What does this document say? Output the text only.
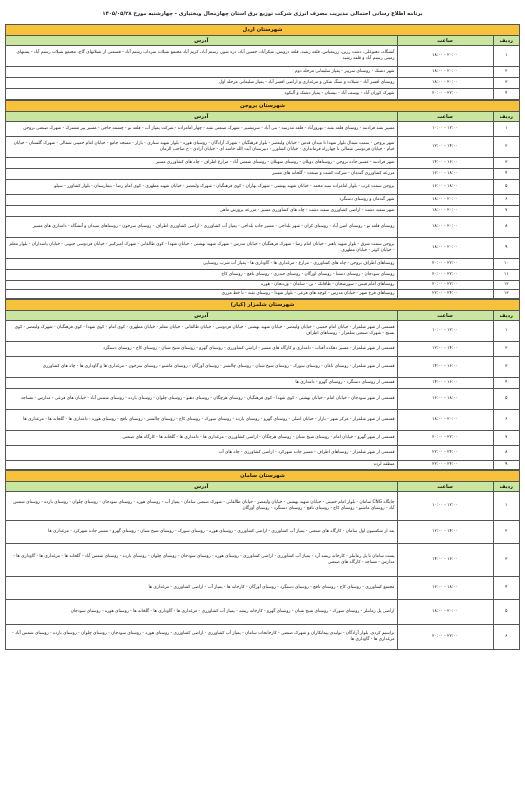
برنامه اطلاع رسانی احتمالی مدیریت مصرف انرژی شرکت توزیع برق استان چهارمحال وبختیاری - چهارشنبه مورخ ۱۴۰۵/۰۵/۲۸
شهرستان اردل
ردیف	ساعت	آدرس
۱	۱۸:۰۰ - ۲۰:۰۰	آتشگاه، دهنوعلی، دشت زرین، زرینعباس، قلعه رشید، قلعه درویش، شکرآباد، حسین آباد، دره شور، رستم آباد، کریم آباد مجتمع شیلات سرداب رستم آباد - قسمتی از شیلاتهای گاج، مجتمع شیلات رستم آباد - پستهای زمینی رستم آباد و قلعه رشید
۲	۱۸:۰۰ - ۲۰:۰۰	شهر دشتک - روستای سرپیر - پمپاژ سلیمانی مرحله دوم
۳	۱۸:۰۰ - ۲۰:۰۰	روستای افسر آباد - شیلات و سنگ شکن و مرغداری و اراضی افسر آباد - پمپاژ سلیمانی مرحله اول
۴	۲۰:۰۰ - ۲۲:۰۰	شهرک کوران آباد - یوسف آباد - نیستان - پمپاژ دشتک و آلیکوه
شهرستان بروجن
ردیف	ساعت	آدرس
۱	۱۰:۰۰ - ۱۲:۰۰	مسیر نقنه فرادنبه - روستای قلعه نقنه - بهروزآباد - قلعه مدرسه - نبی آباد - سرتشنیز - شهرک صنعتی نقنه - چهار امامزاده - شرکت پمپاژ آب - قلعه نو - چشمه حاجی - مسیر پیر مشترک - شهرک صنعتی بروجن
۲	۱۲:۰۰ - ۱۴:۰۰	شهر بروجن - سمت شمال بلوار شهدا تا میدان قدس - خیابان ولیعصر - بلوار فرهنگیان - شهرک آزادگان - روستای هوره - بلوار شهید ستاری - بازار - مسجد جامع - خیابان امام خمینی شمالی - شهرک گلستان - خیابان خیام - خیابان فردوسی شمالی تا چهارراه فرمانداری - خیابان کشاورز - دبیرستان آیت الله خامنه ای - خیابان آزادی - خ صاحب الزمان
۳	۱۴:۰۰ - ۱۶:۰۰	شهر فرادنبه - مسیر جاده بروجن - روستاهای دوپلان - روستای سهیلان - روستای شمس آباد - مزارع اطراف - چاه های کشاورزی مسیر
۴	۱۶:۰۰ - ۱۸:۰۰	مزرعه کشاورزی گندمان - شرکت کشت و صنعت - گلخانه های مسیر
۵	۱۶:۰۰ - ۱۸:۰۰	بروجن سمت غرب - بلوار امامزاده سید محمد - خیابان شهید بهشتی - شهرک بهاران - کوی فرهنگیان - شهرک ولیعصر - خیابان شهید مطهری - کوی امام رضا - بیمارستان - بلوار کشاورز - سیلو
۶	۱۸:۰۰ - ۲۰:۰۰	شهر گندمان و روستای دستگرد
۷	۱۸:۰۰ - ۲۰:۰۰	شهر سفید دشت - اراضی کشاورزی سفید دشت - چاه های کشاورزی مسیر - مزرعه پرورش ماهی
۸	۱۸:۰۰ - ۲۰:۰۰	روستای قلعه نو - روستای امین آباد - روستای کران - شهر بلداجی - مسیر جاده بلداجی - پمپاژ آب کشاورزی - اراضی کشاورزی اطراف - روستای سرخون - روستاهای سیدان و آتشگاه - دامداری های مسیر
۹	۱۸:۰۰ - ۲۰:۰۰	بروجن سمت شرق - بلوار شهید باهنر - خیابان امام رضا - شهرک فرهنگیان - خیابان مدرس - شهرک شهید بهشتی - خیابان شهدا - کوی طالقانی - شهرک امیرکبیر - خیابان فردوسی جنوبی - خیابان پاسداران - بلوار معلم - خیابان کوثر - خیابان مطهری
۱۰	۲۰:۰۰ - ۲۲:۰۰	روستاهای اطراف بروجن - چاه های کشاورزی - مزارع - مرغداری ها - گاوداری ها - پمپاژ آب شرب روستایی
۱۱	۲۰:۰۰ - ۲۲:۰۰	روستای سودجان - روستای دستنا - روستای اورگان - روستای حیدری - روستای نافچ - روستای کاج
۱۲	۲۰:۰۰ - ۲۲:۰۰	روستاهای امام قیس - سورشجان - طاقانک - بن - سامان - وردنجان - هوره
۱۳	۲۲:۰۰ - ۲۴:۰۰	روستاهای فرخ شهر - خیابان مدرس - کوچه های فرعی - بلوار شهدا - روستای نقنه - تا خط مرزی
شهرستان شلمزار (کیار)
ردیف	ساعت	آدرس
۱	۱۰:۰۰ - ۱۲:۰۰	قسمتی از شهر شلمزار - خیابان امام خمینی - خیابان ولیعصر - خیابان شهید بهشتی - خیابان فردوسی - خیابان طالقانی - خیابان معلم - خیابان مطهری - کوی امام - کوی شهدا - کوی فرهنگیان - شهرک ولیعصر - کوی بسیج - شهرک صنعتی شلمزار - روستاهای اطراف
۲	۱۲:۰۰ - ۱۴:۰۰	قسمتی از شهر شلمزار - مسیر دهکده آفتاب - دامداری و کارگاه های مسیر - اراضی کشاورزی - روستای گهرو - روستای شیخ شبان - روستای کاج - روستای دستگرد
۳	۱۴:۰۰ - ۱۶:۰۰	قسمتی از شهر شلمزار - روستای ناغان - روستای سورک - روستای شیخ شبان - روستای چالشتر - روستای آورگان - روستای ماشنو - روستای سرخون - مرغداری ها و گاوداری ها - چاه های کشاورزی
۴	۱۴:۰۰ - ۱۶:۰۰	قسمتی از روستای دستگرد - روستای گهرو - دامداری ها
۵	۱۶:۰۰ - ۱۸:۰۰	قسمتی از شهر سودجان - خیابان امام - خیابان بهشتی - کوی شهدا - کوی فرهنگیان - روستای هرچگان - روستای دهنو - روستای چلوان - روستای بارده - روستای شمس آباد - خیابان های فرعی - مدارس - مساجد
۶	۱۸:۰۰ - ۲۰:۰۰	قسمتی از شهر شلمزار - مرکز شهر - بازار - خیابان اصلی - روستای گهرو - روستای بارده - روستای سورک - روستای کاج - روستای چالشتر - روستای نافچ - روستای هوره - دامداری ها - گلخانه ها - مرغداری ها
۷	۲۰:۰۰ - ۲۲:۰۰	قسمتی از شهر گهرو - خیابان امام - روستای شیخ شبان - روستای هرچگان - اراضی کشاورزی - مرغداری ها - دامداری ها - گلخانه ها - کارگاه های صنعتی
۸	۲۲:۰۰ - ۲۴:۰۰	قسمتی از شهر شلمزار - روستاهای اطراف - مسیر جاده شهرکرد - اراضی کشاورزی - چاه های آب
۹	۲۲:۰۰ - ۲۴:۰۰	منطقه لرده
شهرستان سامان
ردیف	ساعت	آدرس
۱	۱۰:۰۰ - ۱۲:۰۰	جایگاه CNG سامان - بلوار امام خمینی - خیابان شهید بهشتی - خیابان ولیعصر - خیابان طالقانی - شهرک صنعتی سامان - پمپاژ آب - روستای هوره - روستای سودجان - روستای چلوان - روستای بارده - روستای شمس آباد - روستای ماشنو - روستای کاج - روستای نافچ - روستای دستگرد - روستای آورگان
۲	۱۲:۰۰ - ۱۴:۰۰	بعد از سکسیون اول سامان - کارگاه های صنعتی - پمپاژ آب کشاورزی - اراضی کشاورزی - روستای هوره - روستای سورک - روستای شیخ شبان - روستای گهرو - مسیر جاده شهرکرد - مرغداری ها
۳	۱۴:۰۰ - ۱۶:۰۰	پست سامان تا پل زمانبلر - کارخانه ریشه آرد - پمپاژ آب کشاورزی - اراضی کشاورزی - روستای هوره - روستای سودجان - روستای چلوان - روستای بارده - روستای شمس آباد - گلخانه ها - مرغداری ها - گاوداری ها - مدارس - مساجد - کارگاه های صنعتی
۴	۱۶:۰۰ - ۱۸:۰۰	مجتمع کشاورزی - روستای کاج - روستای نافچ - روستای دستگرد - روستای آورگان - کارخانه ها - پمپاژ آب - اراضی کشاورزی - مرغداری ها
۵	۱۸:۰۰ - ۲۰:۰۰	اراضی پل زمانبلر - روستای سورک - روستای شیخ شبان - روستای گهرو - کارخانه ریشه - پمپاژ آب کشاورزی - مرغداری ها - گاوداری ها - گلخانه ها - روستای هوره - روستای سودجان
۶	۲۰:۰۰ - ۲۲:۰۰	تراسیم کردی، بلوار آزادگان - تولیدی پیمانکاران و شهرک صنعتی - کارخانجات سامان - پمپاژ آب کشاورزی - اراضی کشاورزی - روستای هوره - روستای سودجان - روستای چلوان - روستای بارده - روستای شمس آباد - مرغداری ها - گاوداری ها
